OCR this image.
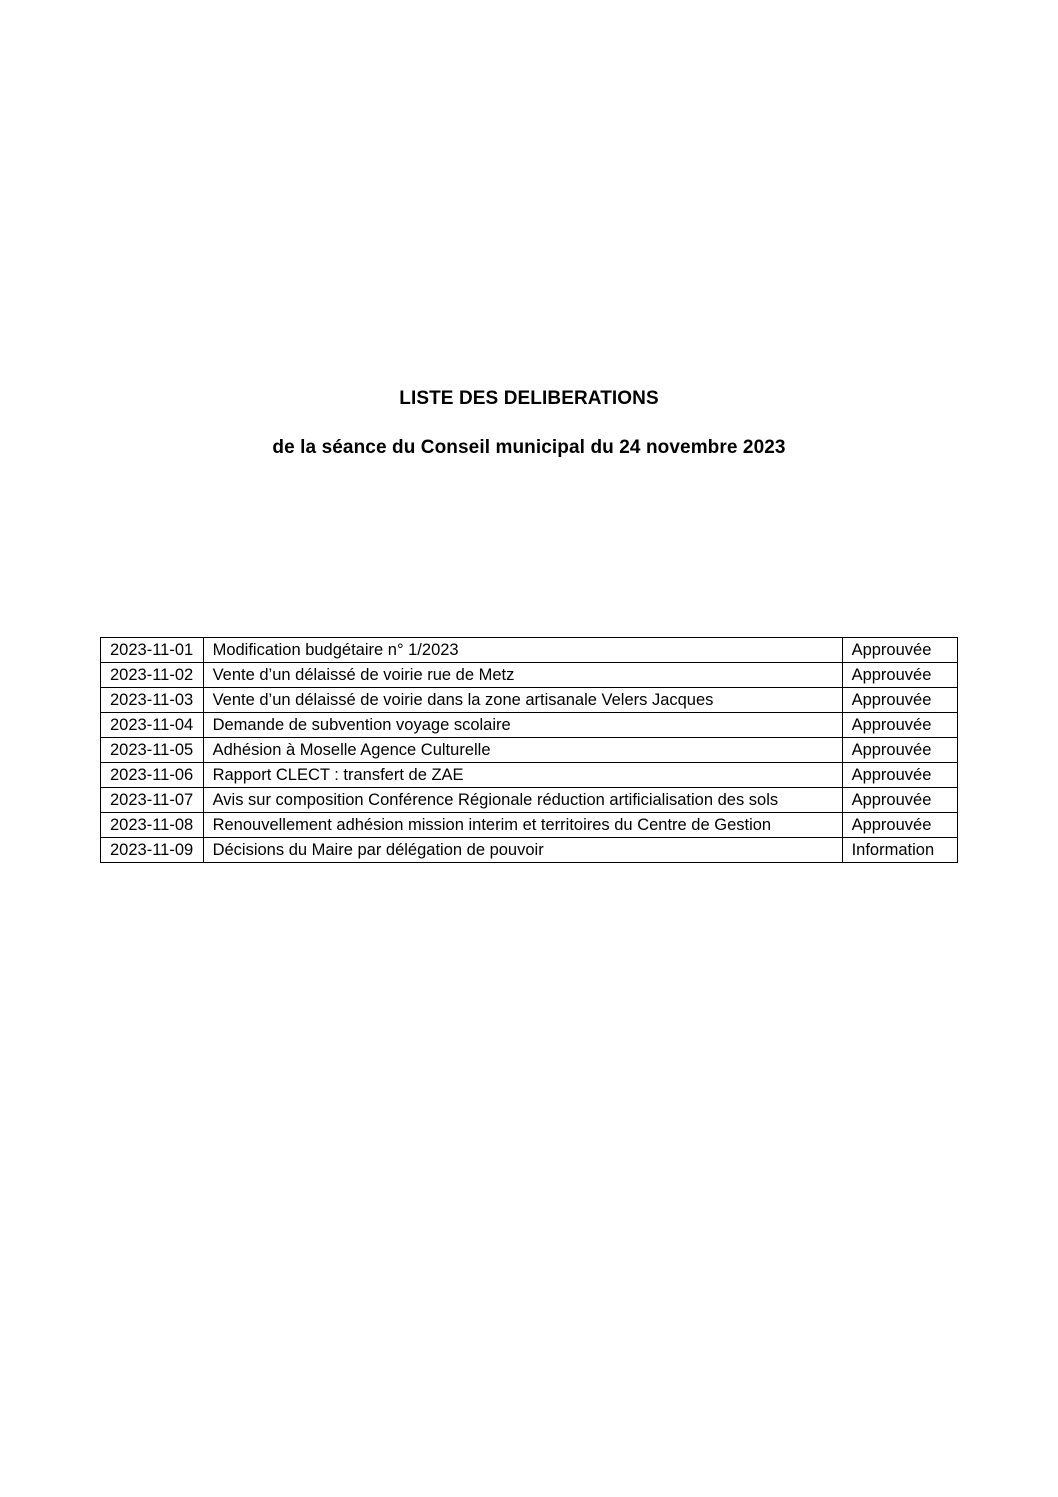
LISTE DES DELIBERATIONS
de la séance du Conseil municipal du 24 novembre 2023
2023-11-01	Modification budgétaire n° 1/2023	Approuvée
2023-11-02	Vente d’un délaissé de voirie rue de Metz	Approuvée
2023-11-03	Vente d’un délaissé de voirie dans la zone artisanale Velers Jacques	Approuvée
2023-11-04	Demande de subvention voyage scolaire	Approuvée
2023-11-05	Adhésion à Moselle Agence Culturelle	Approuvée
2023-11-06	Rapport CLECT : transfert de ZAE	Approuvée
2023-11-07	Avis sur composition Conférence Régionale réduction artificialisation des sols	Approuvée
2023-11-08	Renouvellement adhésion mission interim et territoires du Centre de Gestion	Approuvée
2023-11-09	Décisions du Maire par délégation de pouvoir	Information
